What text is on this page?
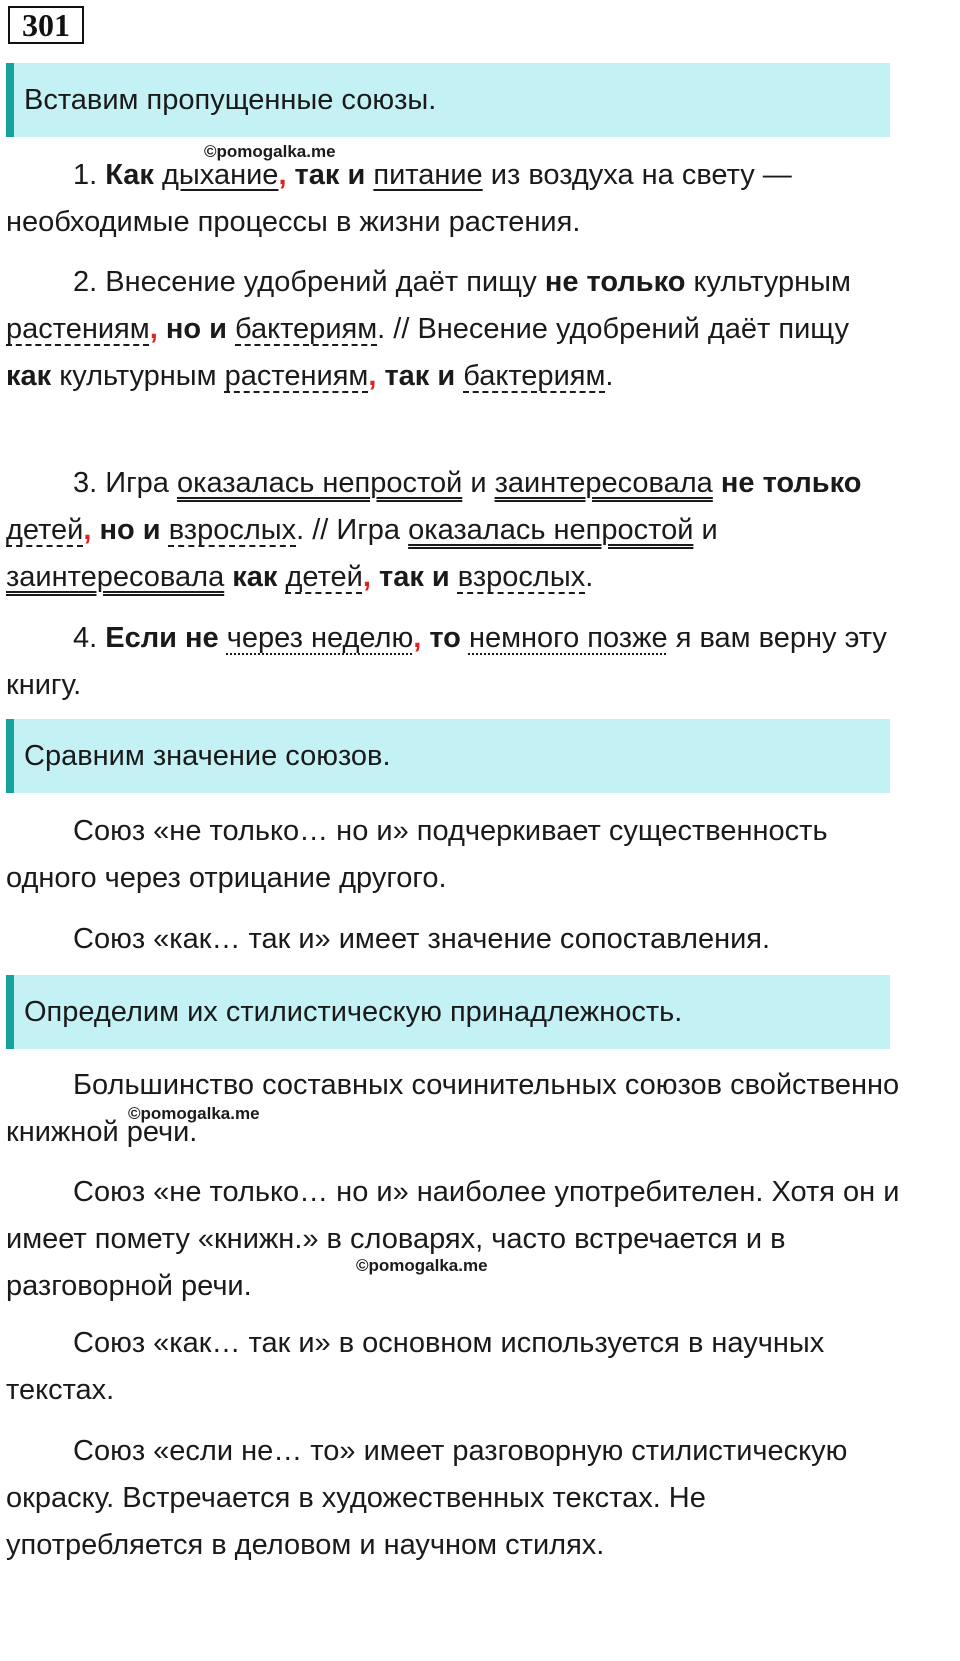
301
Вставим пропущенные союзы.
©pomogalka.me

1. Как дыхание, так и питание из воздуха на свету — необходимые процессы в жизни растения.

2. Внесение удобрений даёт пищу не только культурным растениям, но и бактериям. // Внесение удобрений даёт пищу как культурным растениям, так и бактериям.

3. Игра оказалась непростой и заинтересовала не только детей, но и взрослых. // Игра оказалась непростой и заинтересовала как детей, так и взрослых.

4. Если не через неделю, то немного позже я вам верну эту книгу.

Сравним значение союзов.

Союз «не только… но и» подчеркивает существенность одного через отрицание другого.

Союз «как… так и» имеет значение сопоставления.

Определим их стилистическую принадлежность.

Большинство составных сочинительных союзов свойственно книжной речи.

©pomogalka.me

Союз «не только… но и» наиболее употребителен. Хотя он и имеет помету «книжн.» в словарях, часто встречается и в разговорной речи.

©pomogalka.me

Союз «как… так и» в основном используется в научных текстах.

Союз «если не… то» имеет разговорную стилистическую окраску. Встречается в художественных текстах. Не употребляется в деловом и научном стилях.
